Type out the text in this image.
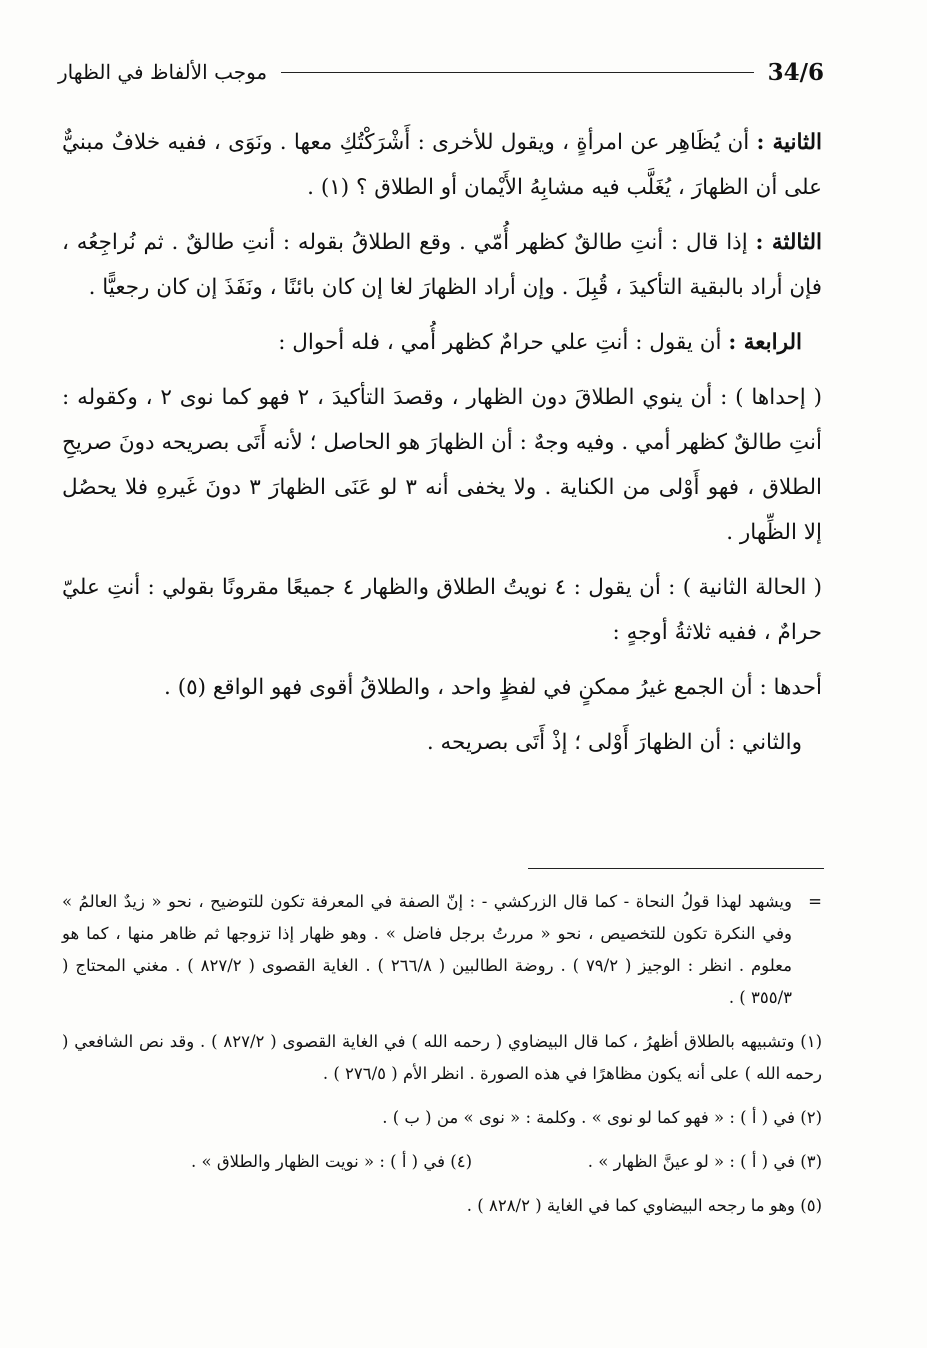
34/6
موجب الألفاظ في الظهار

الثانية : أن يُظَاهِر عن امرأةٍ ، ويقول للأخرى : أَشْرَكْتُكِ معها . ونَوَى ، ففيه خلافٌ مبنيٌّ على أن الظهارَ ، يُغَلَّب فيه مشابِهُ الأَيْمان أو الطلاق ؟ (١) .

الثالثة : إذا قال : أنتِ طالقٌ كظهر أُمّي . وقع الطلاقُ بقوله : أنتِ طالقٌ . ثم نُراجِعُه ، فإن أراد بالبقية التأكيدَ ، قُبِلَ . وإن أراد الظهارَ لغا إن كان بائنًا ، ونَفَذَ إن كان رجعيًّا .

الرابعة : أن يقول : أنتِ علي حرامٌ كظهر أُمي ، فله أحوال :

( إحداها ) : أن ينوي الطلاقَ دون الظهار ، وقصدَ التأكيدَ ، ٢ فهو كما نوى ٢ ، وكقوله : أنتِ طالقٌ كظهر أمي . وفيه وجهٌ : أن الظهارَ هو الحاصل ؛ لأنه أَتَى بصريحه دونَ صريحِ الطلاق ، فهو أَوْلى من الكناية . ولا يخفى أنه ٣ لو عَنَى الظهارَ ٣ دونَ غَيرهِ فلا يحصُل إلا الظِّهار .

( الحالة الثانية ) : أن يقول : ٤ نويتُ الطلاق والظهار ٤ جميعًا مقرونًا بقولي : أنتِ عليّ حرامٌ ، ففيه ثلاثةُ أوجهٍ :

أحدها : أن الجمع غيرُ ممكنٍ في لفظٍ واحد ، والطلاقُ أقوى فهو الواقع (٥) .

والثاني : أن الظهارَ أَوْلى ؛ إذْ أَتَى بصريحه .

=
ويشهد لهذا قولُ النحاة - كما قال الزركشي - : إنّ الصفة في المعرفة تكون للتوضيح ، نحو « زيدٌ العالمُ » وفي النكرة تكون للتخصيص ، نحو « مررتُ برجل فاضل » . وهو ظهار إذا تزوجها ثم ظاهر منها ، كما هو معلوم . انظر : الوجيز ( ٧٩/٢ ) . روضة الطالبين ( ٢٦٦/٨ ) . الغاية القصوى ( ٨٢٧/٢ ) . مغني المحتاج ( ٣٥٥/٣ ) .

(١) وتشبيهه بالطلاق أظهرُ ، كما قال البيضاوي ( رحمه الله ) في الغاية القصوى ( ٨٢٧/٢ ) . وقد نص الشافعي ( رحمه الله ) على أنه يكون مظاهرًا في هذه الصورة . انظر الأم ( ٢٧٦/٥ ) .

(٢) في ( أ ) : « فهو كما لو نوى » . وكلمة : « نوى » من ( ب ) .

(٣) في ( أ ) : « لو عينَّ الظهار » .
(٤) في ( أ ) : « نويت الظهار والطلاق » .

(٥) وهو ما رجحه البيضاوي كما في الغاية ( ٨٢٨/٢ ) .
